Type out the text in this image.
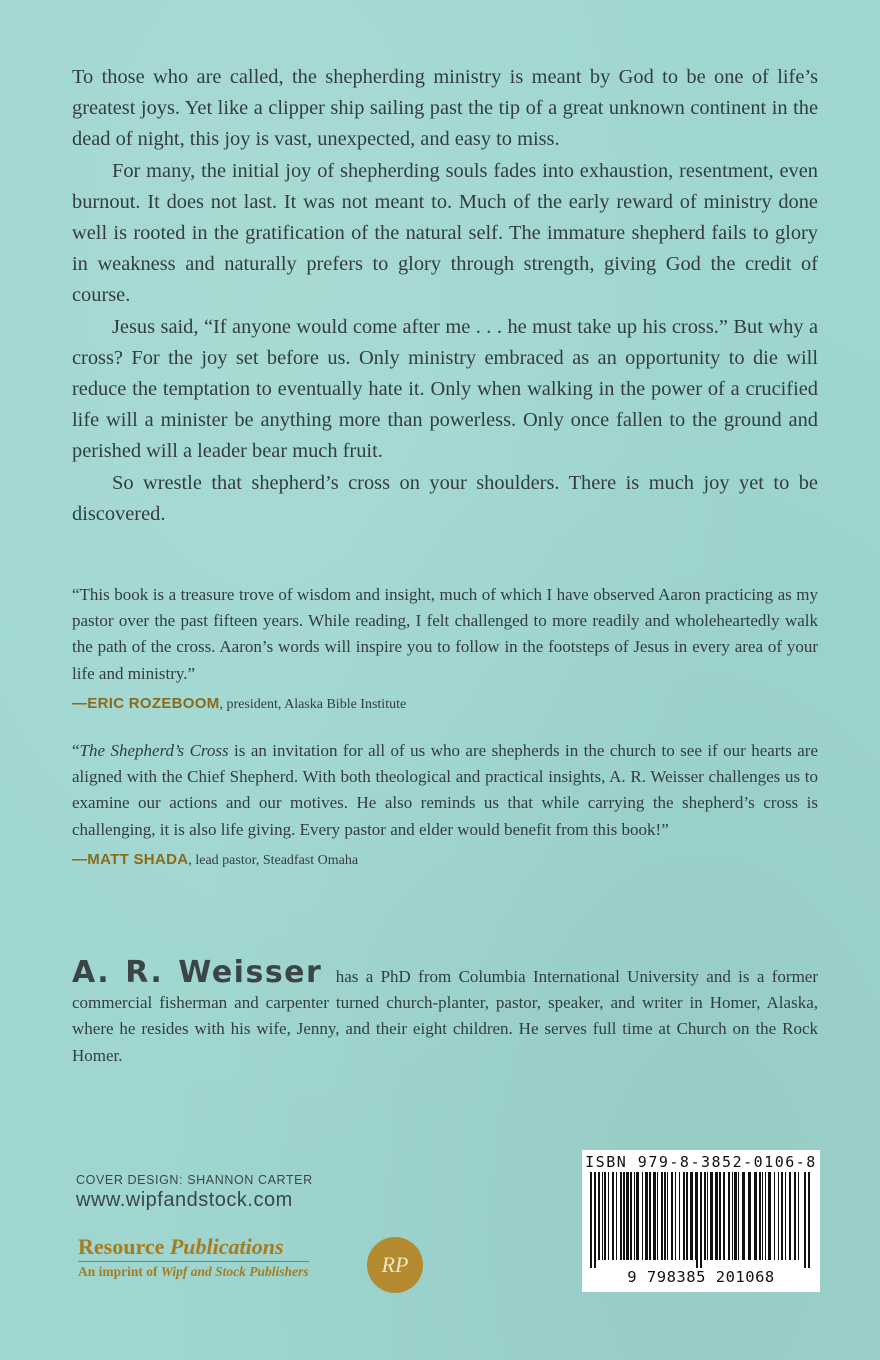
To those who are called, the shepherding ministry is meant by God to be one of life’s greatest joys. Yet like a clipper ship sailing past the tip of a great unknown continent in the dead of night, this joy is vast, unexpected, and easy to miss.

For many, the initial joy of shepherding souls fades into exhaustion, resentment, even burnout. It does not last. It was not meant to. Much of the early reward of ministry done well is rooted in the gratification of the natural self. The immature shepherd fails to glory in weakness and naturally prefers to glory through strength, giving God the credit of course.

Jesus said, “If anyone would come after me . . . he must take up his cross.” But why a cross? For the joy set before us. Only ministry embraced as an opportunity to die will reduce the temptation to eventually hate it. Only when walking in the power of a crucified life will a minister be anything more than powerless. Only once fallen to the ground and perished will a leader bear much fruit.

So wrestle that shepherd’s cross on your shoulders. There is much joy yet to be discovered.

“This book is a treasure trove of wisdom and insight, much of which I have observed Aaron practicing as my pastor over the past fifteen years. While reading, I felt challenged to more readily and wholeheartedly walk the path of the cross. Aaron’s words will inspire you to follow in the footsteps of Jesus in every area of your life and ministry.”

—ERIC ROZEBOOM, president, Alaska Bible Institute

“The Shepherd’s Cross is an invitation for all of us who are shepherds in the church to see if our hearts are aligned with the Chief Shepherd. With both theological and practical insights, A. R. Weisser challenges us to examine our actions and our motives. He also reminds us that while carrying the shepherd’s cross is challenging, it is also life giving. Every pastor and elder would benefit from this book!”

—MATT SHADA, lead pastor, Steadfast Omaha
A. R. Weisser has a PhD from Columbia International University and is a former commercial fisherman and carpenter turned church-planter, pastor, speaker, and writer in Homer, Alaska, where he resides with his wife, Jenny, and their eight children. He serves full time at Church on the Rock Homer.
COVER DESIGN: SHANNON CARTER
www.wipfandstock.com
Resource Publications
An imprint of Wipf and Stock Publishers	RP
ISBN 979-8-3852-0106-8
9 798385 201068
